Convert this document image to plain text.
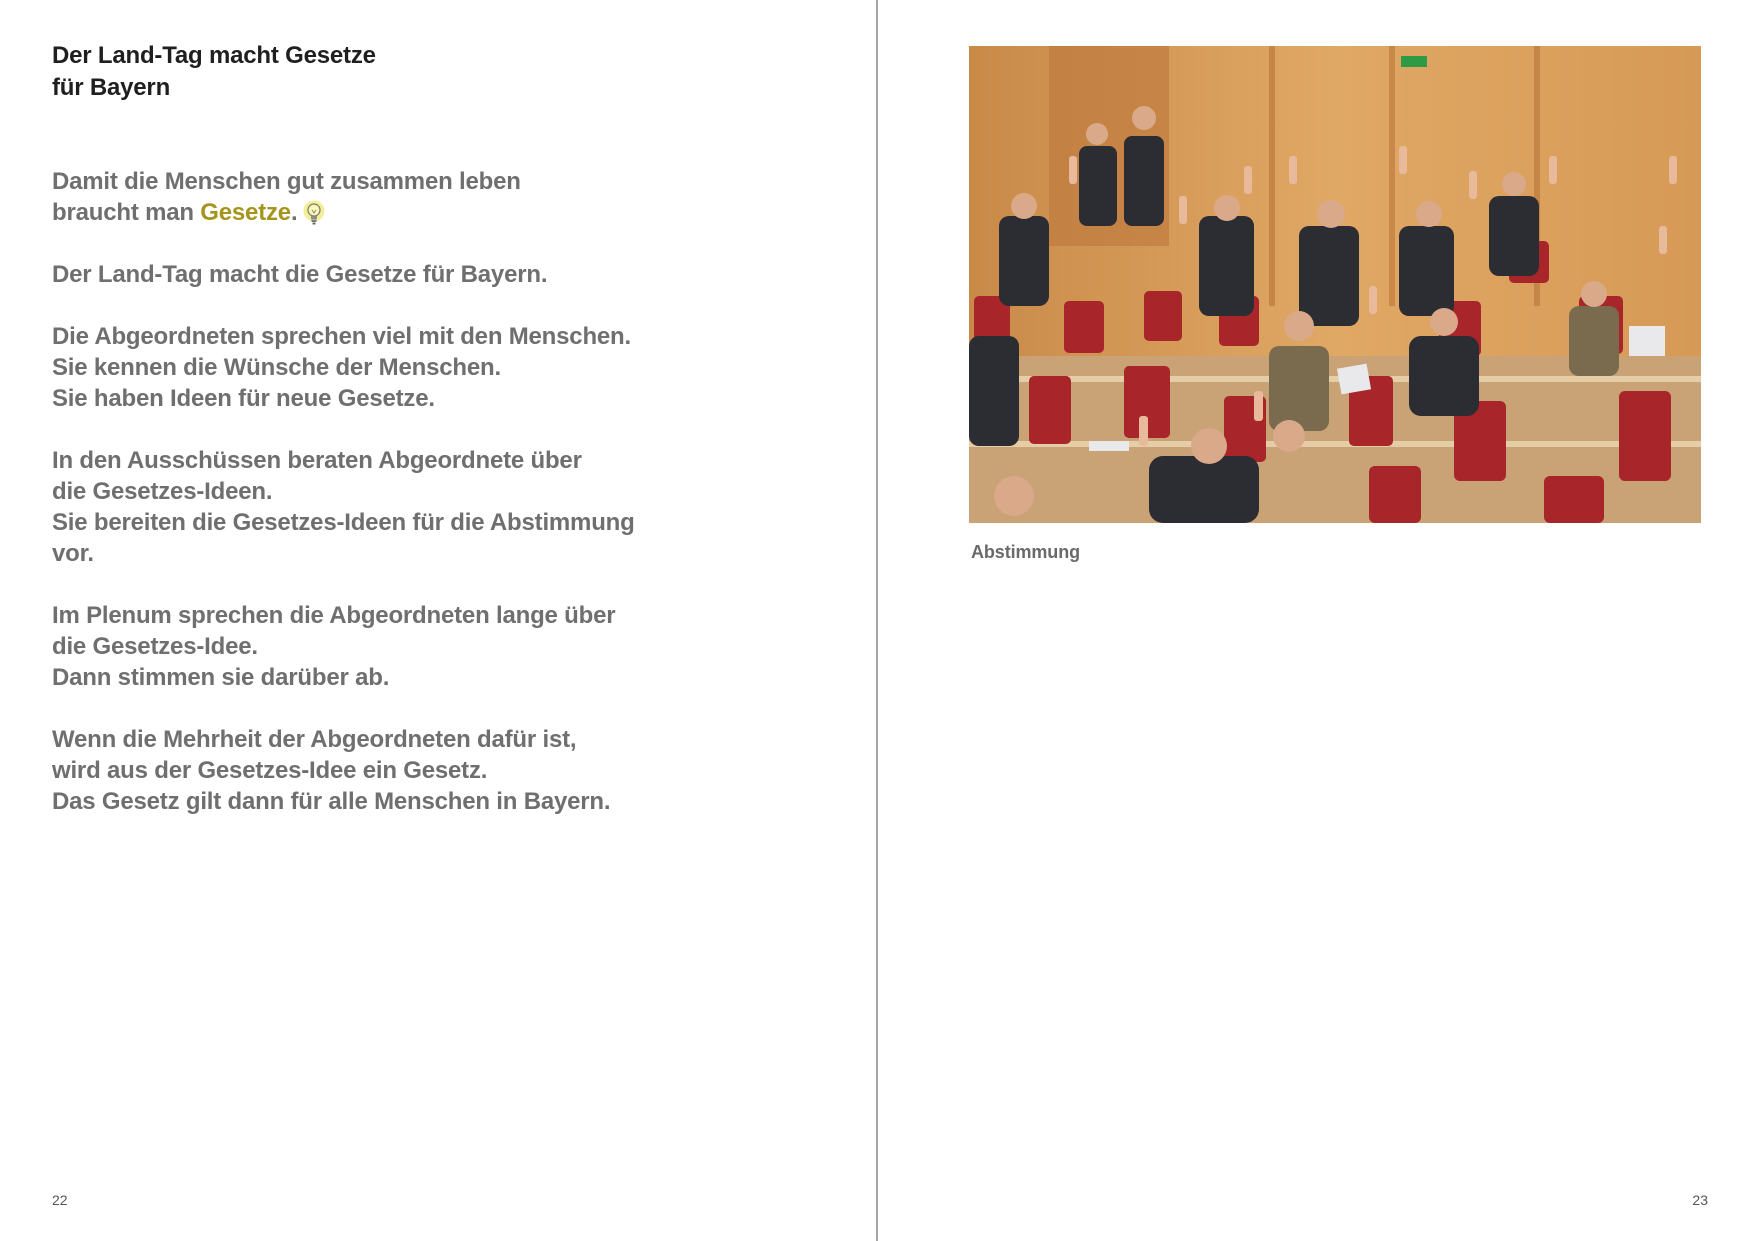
Der Land-Tag macht Gesetze
für Bayern

Damit die Menschen gut zusammen leben
braucht man Gesetze.

Der Land-Tag macht die Gesetze für Bayern.

Die Abgeordneten sprechen viel mit den Menschen.
Sie kennen die Wünsche der Menschen.
Sie haben Ideen für neue Gesetze.

In den Ausschüssen beraten Abgeordnete über
die Gesetzes-Ideen.
Sie bereiten die Gesetzes-Ideen für die Abstimmung
vor.

Im Plenum sprechen die Abgeordneten lange über
die Gesetzes-Idee.
Dann stimmen sie darüber ab.

Wenn die Mehrheit der Abgeordneten dafür ist,
wird aus der Gesetzes-Idee ein Gesetz.
Das Gesetz gilt dann für alle Menschen in Bayern.

22
Abstimmung
23
